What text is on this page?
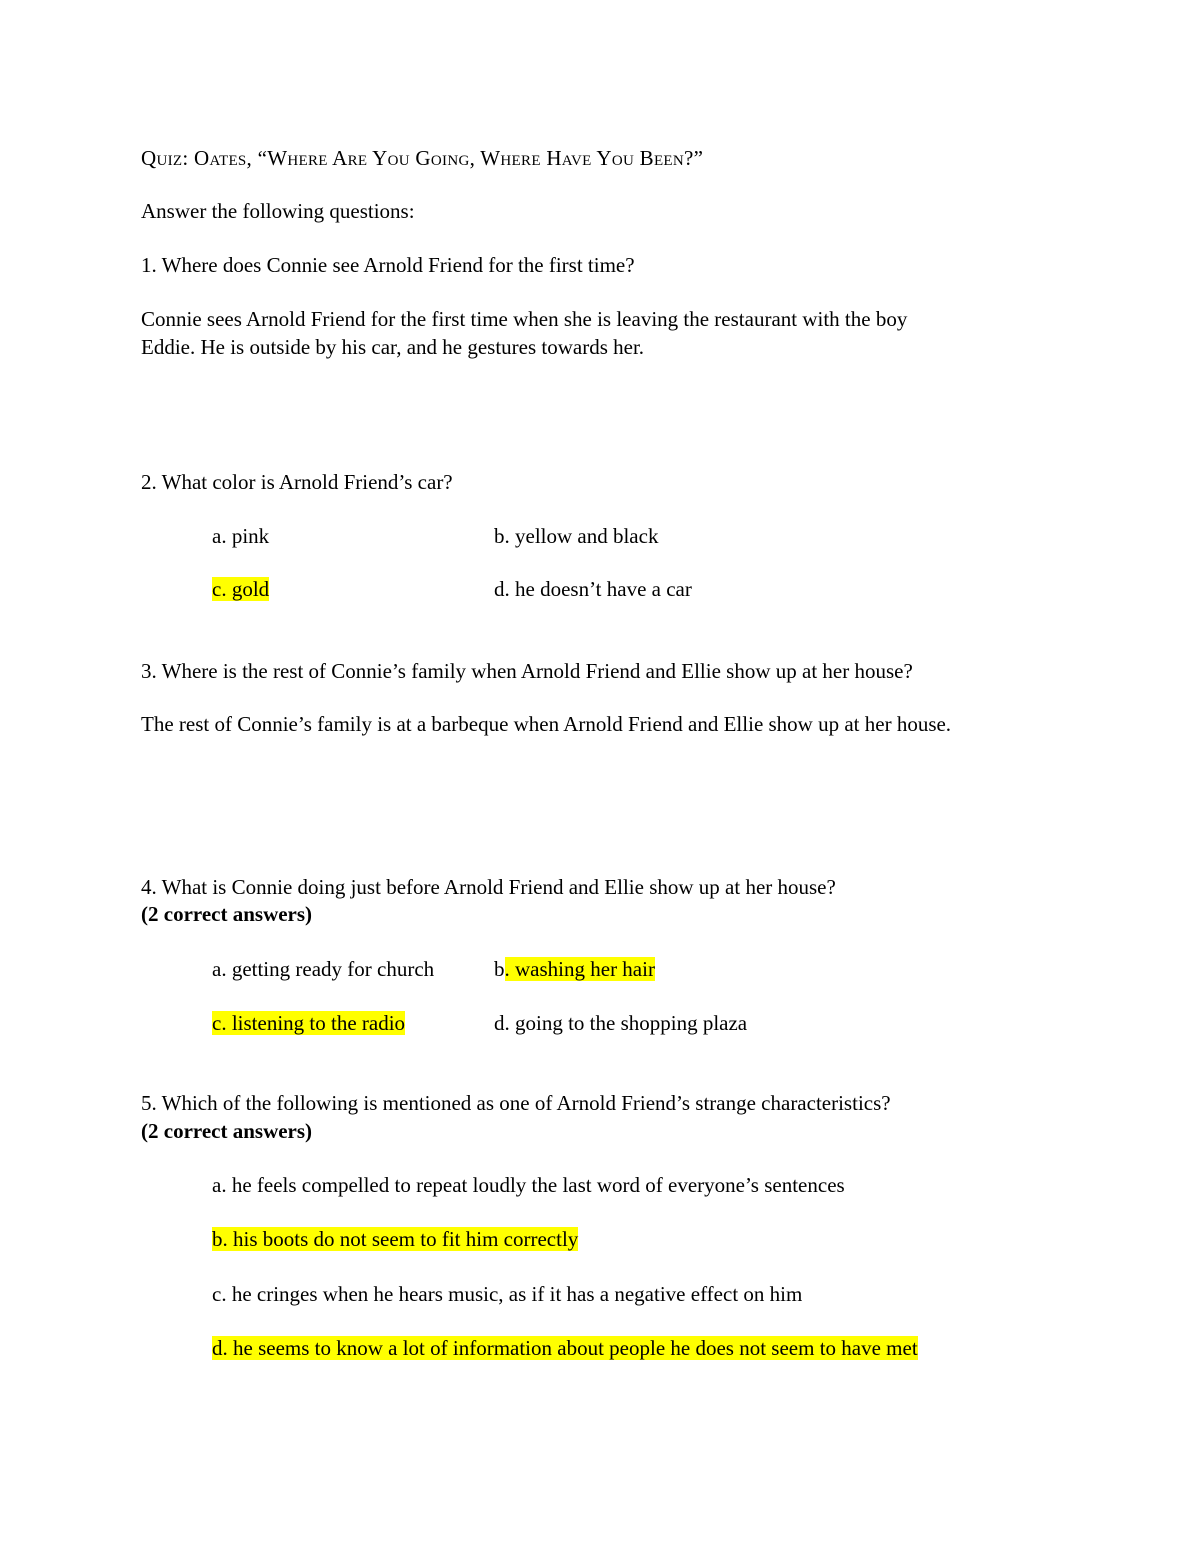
Quiz: Oates, “Where Are You Going, Where Have You Been?”
Answer the following questions:
1. Where does Connie see Arnold Friend for the first time?
Connie sees Arnold Friend for the first time when she is leaving the restaurant with the boy
Eddie. He is outside by his car, and he gestures towards her.
2. What color is Arnold Friend’s car?
a. pink	b. yellow and black
c. gold	d. he doesn’t have a car
3. Where is the rest of Connie’s family when Arnold Friend and Ellie show up at her house?
The rest of Connie’s family is at a barbeque when Arnold Friend and Ellie show up at her house.
4. What is Connie doing just before Arnold Friend and Ellie show up at her house?
(2 correct answers)
a. getting ready for church	b. washing her hair
c. listening to the radio	d. going to the shopping plaza
5. Which of the following is mentioned as one of Arnold Friend’s strange characteristics?
(2 correct answers)
a. he feels compelled to repeat loudly the last word of everyone’s sentences
b. his boots do not seem to fit him correctly
c. he cringes when he hears music, as if it has a negative effect on him
d. he seems to know a lot of information about people he does not seem to have met
